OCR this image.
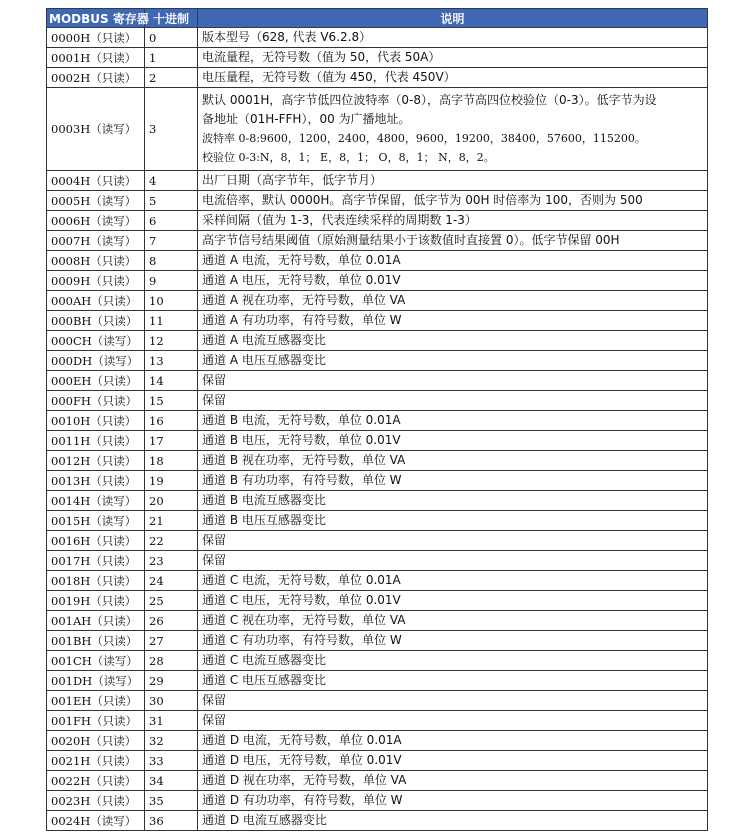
MODBUS 寄存器	十进制	说明
0000H（只读）	0	版本型号（628, 代表 V6.2.8）

0001H（只读）	1	电流量程，无符号数（值为 50，代表 50A）

0002H（只读）	2	电压量程，无符号数（值为 450，代表 450V）

0003H（读写）	3	默认 0001H，高字节低四位波特率（0-8），高字节高四位校验位（0-3）。低字节为设
备地址（01H-FFH），00 为广播地址。
波特率 0-8:9600，1200，2400，4800，9600，19200，38400，57600，115200。
校验位 0-3:N，8，1； E，8，1； O，8，1； N，8，2。

0004H（只读）	4	出厂日期（高字节年，低字节月）

0005H（读写）	5	电流倍率，默认 0000H。高字节保留，低字节为 00H 时倍率为 100，否则为 500

0006H（读写）	6	采样间隔（值为 1-3，代表连续采样的周期数 1-3）

0007H（读写）	7	高字节信号结果阈值（原始测量结果小于该数值时直接置 0）。低字节保留 00H

0008H（只读）	8	通道 A 电流，无符号数，单位 0.01A

0009H（只读）	9	通道 A 电压，无符号数，单位 0.01V

000AH（只读）	10	通道 A 视在功率，无符号数，单位 VA

000BH（只读）	11	通道 A 有功功率，有符号数，单位 W

000CH（读写）	12	通道 A 电流互感器变比

000DH（读写）	13	通道 A 电压互感器变比

000EH（只读）	14	保留

000FH（只读）	15	保留

0010H（只读）	16	通道 B 电流，无符号数，单位 0.01A

0011H（只读）	17	通道 B 电压，无符号数，单位 0.01V

0012H（只读）	18	通道 B 视在功率，无符号数，单位 VA

0013H（只读）	19	通道 B 有功功率，有符号数，单位 W

0014H（读写）	20	通道 B 电流互感器变比

0015H（读写）	21	通道 B 电压互感器变比

0016H（只读）	22	保留

0017H（只读）	23	保留

0018H（只读）	24	通道 C 电流，无符号数，单位 0.01A

0019H（只读）	25	通道 C 电压，无符号数，单位 0.01V

001AH（只读）	26	通道 C 视在功率，无符号数，单位 VA

001BH（只读）	27	通道 C 有功功率，有符号数，单位 W

001CH（读写）	28	通道 C 电流互感器变比

001DH（读写）	29	通道 C 电压互感器变比

001EH（只读）	30	保留

001FH（只读）	31	保留

0020H（只读）	32	通道 D 电流，无符号数，单位 0.01A

0021H（只读）	33	通道 D 电压，无符号数，单位 0.01V

0022H（只读）	34	通道 D 视在功率，无符号数，单位 VA

0023H（只读）	35	通道 D 有功功率，有符号数，单位 W

0024H（读写）	36	通道 D 电流互感器变比
